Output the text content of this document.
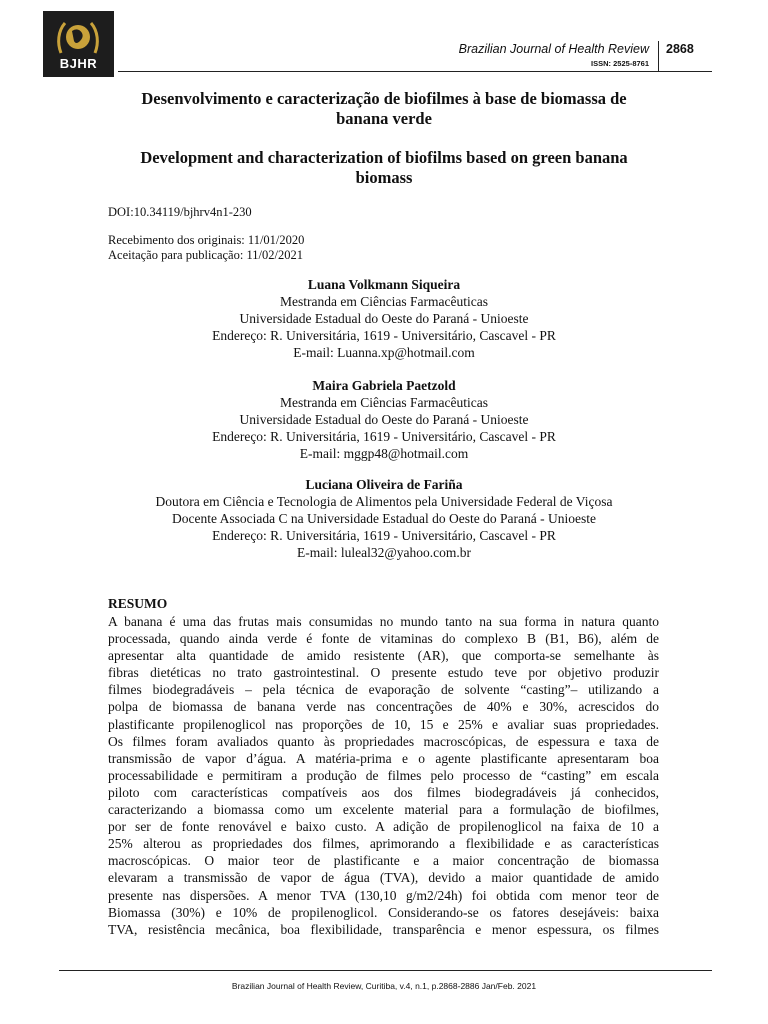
BJHR
Brazilian Journal of Health Review
ISSN: 2525-8761
2868
Desenvolvimento e caracterização de biofilmes à base de biomassa de
banana verde
Development and characterization of biofilms based on green banana
biomass
DOI:10.34119/bjhrv4n1-230
Recebimento dos originais: 11/01/2020
Aceitação para publicação: 11/02/2021
Luana Volkmann Siqueira
Mestranda em Ciências Farmacêuticas
Universidade Estadual do Oeste do Paraná - Unioeste
Endereço: R. Universitária, 1619 - Universitário, Cascavel - PR
E-mail: Luanna.xp@hotmail.com
Maira Gabriela Paetzold
Mestranda em Ciências Farmacêuticas
Universidade Estadual do Oeste do Paraná - Unioeste
Endereço: R. Universitária, 1619 - Universitário, Cascavel - PR
E-mail: mggp48@hotmail.com
Luciana Oliveira de Fariña
Doutora em Ciência e Tecnologia de Alimentos pela Universidade Federal de Viçosa
Docente Associada C na Universidade Estadual do Oeste do Paraná - Unioeste
Endereço: R. Universitária, 1619 - Universitário, Cascavel - PR
E-mail: luleal32@yahoo.com.br
RESUMO
A banana é uma das frutas mais consumidas no mundo tanto na sua forma in natura quanto
processada, quando ainda verde é fonte de vitaminas do complexo B (B1, B6), além de
apresentar alta quantidade de amido resistente (AR), que comporta-se semelhante às
fibras dietéticas no trato gastrointestinal. O presente estudo teve por objetivo produzir
filmes biodegradáveis – pela técnica de evaporação de solvente “casting”– utilizando a
polpa de biomassa de banana verde nas concentrações de 40% e 30%, acrescidos do
plastificante propilenoglicol nas proporções de 10, 15 e 25% e avaliar suas propriedades.
Os filmes foram avaliados quanto às propriedades macroscópicas, de espessura e taxa de
transmissão de vapor d’água. A matéria-prima e o agente plastificante apresentaram boa
processabilidade e permitiram a produção de filmes pelo processo de “casting” em escala
piloto com características compatíveis aos dos filmes biodegradáveis já conhecidos,
caracterizando a biomassa como um excelente material para a formulação de biofilmes,
por ser de fonte renovável e baixo custo. A adição de propilenoglicol na faixa de 10 a
25% alterou as propriedades dos filmes, aprimorando a flexibilidade e as características
macroscópicas. O maior teor de plastificante e a maior concentração de biomassa
elevaram a transmissão de vapor de água (TVA), devido a maior quantidade de amido
presente nas dispersões. A menor TVA (130,10 g/m2/24h) foi obtida com menor teor de
Biomassa (30%) e 10% de propilenoglicol. Considerando-se os fatores desejáveis: baixa
TVA, resistência mecânica, boa flexibilidade, transparência e menor espessura, os filmes
Brazilian Journal of Health Review, Curitiba, v.4, n.1, p.2868-2886 Jan/Feb. 2021
